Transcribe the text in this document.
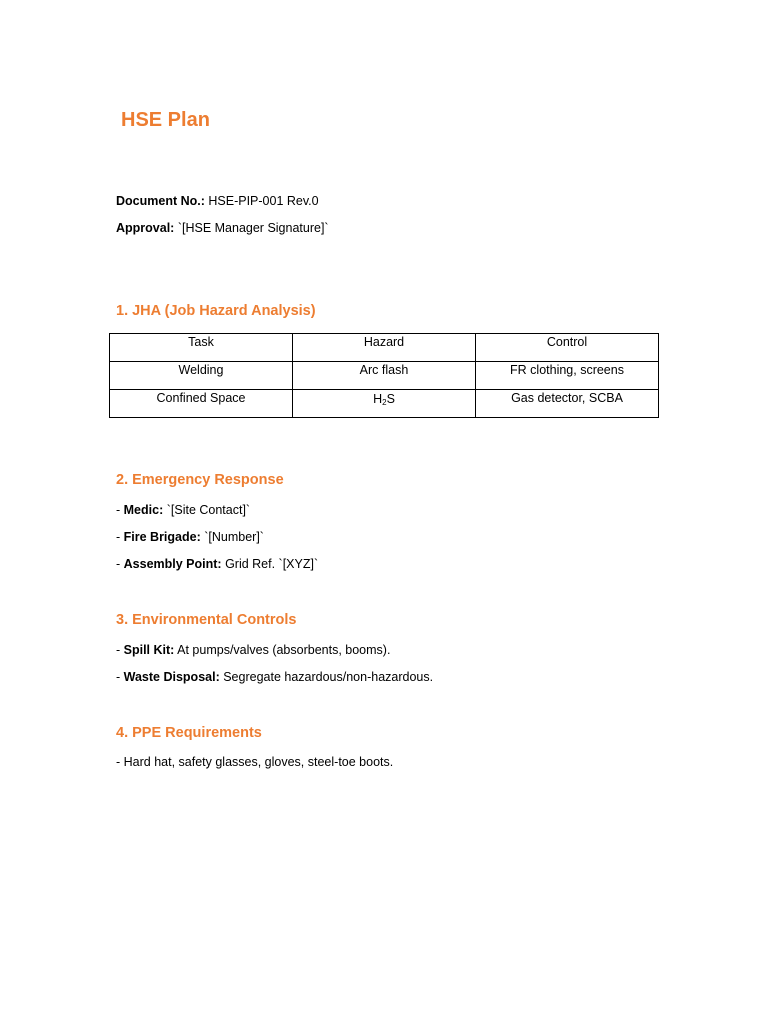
HSE Plan

Document No.: HSE-PIP-001 Rev.0

Approval: `[HSE Manager Signature]`

1. JHA (Job Hazard Analysis)
Task	Hazard	Control
Welding	Arc flash	FR clothing, screens
Confined Space	$H_2S$	Gas detector, SCBA
2. Emergency Response

- Medic: `[Site Contact]`

- Fire Brigade: `[Number]`

- Assembly Point: Grid Ref. `[XYZ]`

3. Environmental Controls

- Spill Kit: At pumps/valves (absorbents, booms).

- Waste Disposal: Segregate hazardous/non-hazardous.

4. PPE Requirements

- Hard hat, safety glasses, gloves, steel-toe boots.
